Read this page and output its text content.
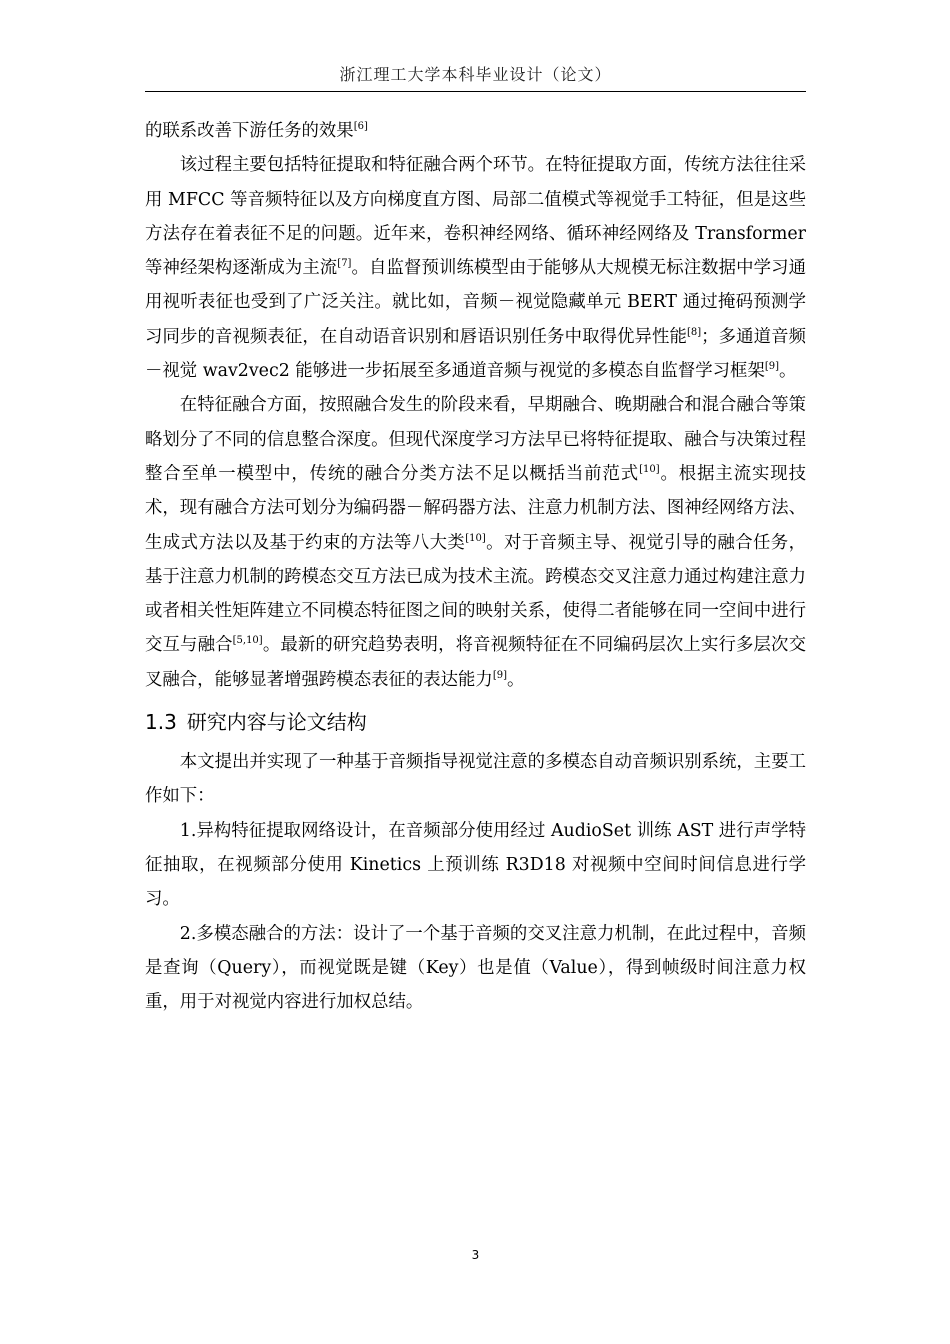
浙江理工大学本科毕业设计（论文）

的联系改善下游任务的效果[6]

该过程主要包括特征提取和特征融合两个环节。在特征提取方面，传统方法往往采用 MFCC 等音频特征以及方向梯度直方图、局部二值模式等视觉手工特征，但是这些方法存在着表征不足的问题。近年来，卷积神经网络、循环神经网络及 Transformer 等神经架构逐渐成为主流[7]。自监督预训练模型由于能够从大规模无标注数据中学习通用视听表征也受到了广泛关注。就比如，音频－视觉隐藏单元 BERT 通过掩码预测学习同步的音视频表征，在自动语音识别和唇语识别任务中取得优异性能[8]；多通道音频－视觉 wav2vec2 能够进一步拓展至多通道音频与视觉的多模态自监督学习框架[9]。

在特征融合方面，按照融合发生的阶段来看，早期融合、晚期融合和混合融合等策略划分了不同的信息整合深度。但现代深度学习方法早已将特征提取、融合与决策过程整合至单一模型中，传统的融合分类方法不足以概括当前范式[10]。根据主流实现技术，现有融合方法可划分为编码器－解码器方法、注意力机制方法、图神经网络方法、生成式方法以及基于约束的方法等八大类[10]。对于音频主导、视觉引导的融合任务，基于注意力机制的跨模态交互方法已成为技术主流。跨模态交叉注意力通过构建注意力或者相关性矩阵建立不同模态特征图之间的映射关系，使得二者能够在同一空间中进行交互与融合[5,10]。最新的研究趋势表明，将音视频特征在不同编码层次上实行多层次交叉融合，能够显著增强跨模态表征的表达能力[9]。

1.3 研究内容与论文结构

本文提出并实现了一种基于音频指导视觉注意的多模态自动音频识别系统，主要工作如下：

1.异构特征提取网络设计，在音频部分使用经过 AudioSet 训练 AST 进行声学特征抽取，在视频部分使用 Kinetics 上预训练 R3D18 对视频中空间时间信息进行学习。

2.多模态融合的方法：设计了一个基于音频的交叉注意力机制，在此过程中，音频是查询（Query），而视觉既是键（Key）也是值（Value），得到帧级时间注意力权重，用于对视觉内容进行加权总结。

3
